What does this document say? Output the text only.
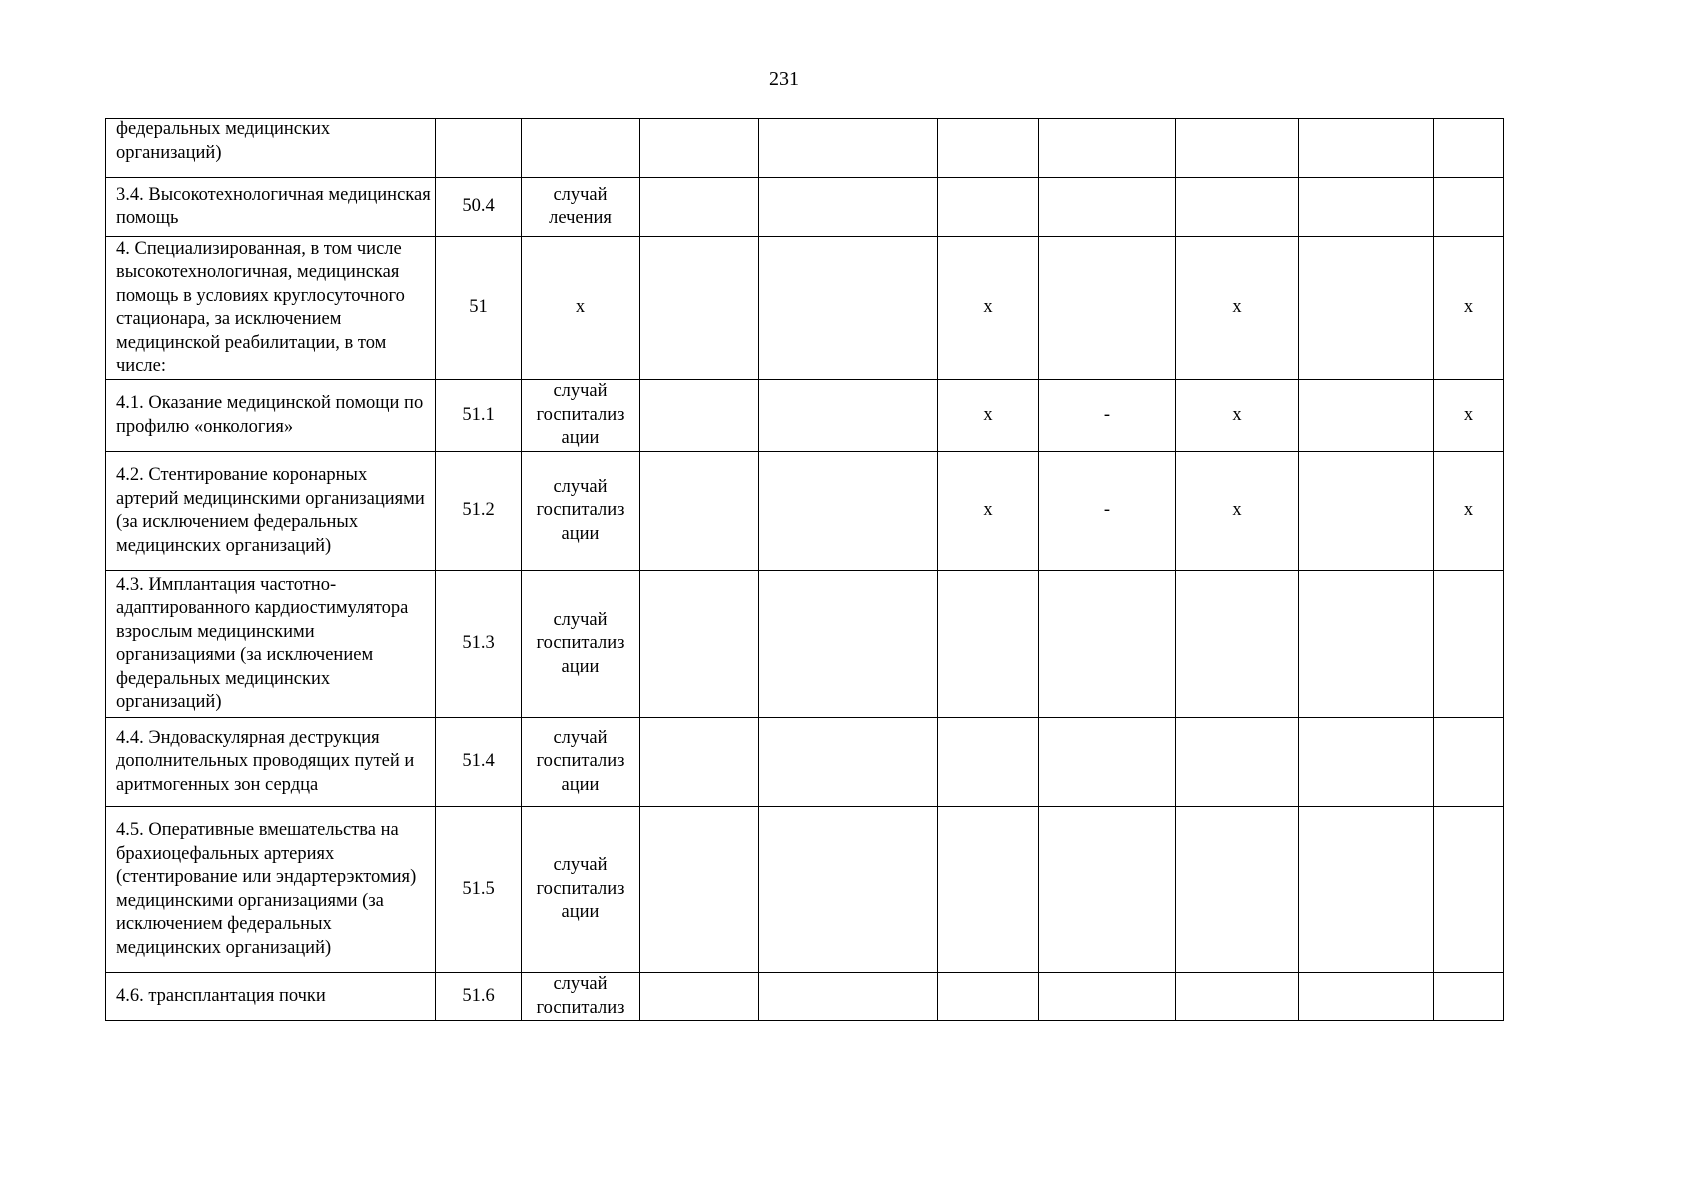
231
федеральных медицинских организаций)									

3.4. Высокотехнологичная медицинская помощь	50.4	случай лечения							

4. Специализированная, в том числе высокотехнологичная, медицинская помощь в условиях круглосуточного стационара, за исключением медицинской реабилитации, в том числе:	51	х			х		х		х

4.1. Оказание медицинской помощи по профилю «онкология»	51.1	случай госпитализ ации			х	-	х		х

4.2. Стентирование коронарных артерий медицинскими организациями (за исключением федеральных медицинских организаций)	51.2	случай госпитализ ации			х	-	х		х

4.3. Имплантация частотно-адаптированного кардиостимулятора взрослым медицинскими организациями (за исключением федеральных медицинских организаций)	51.3	случай госпитализ ации							

4.4. Эндоваскулярная деструкция дополнительных проводящих путей и аритмогенных зон сердца	51.4	случай госпитализ ации							

4.5. Оперативные вмешательства на брахиоцефальных артериях (стентирование или эндартерэктомия) медицинскими организациями (за исключением федеральных медицинских организаций)	51.5	случай госпитализ ации							

4.6. трансплантация почки	51.6	случай госпитализ							
